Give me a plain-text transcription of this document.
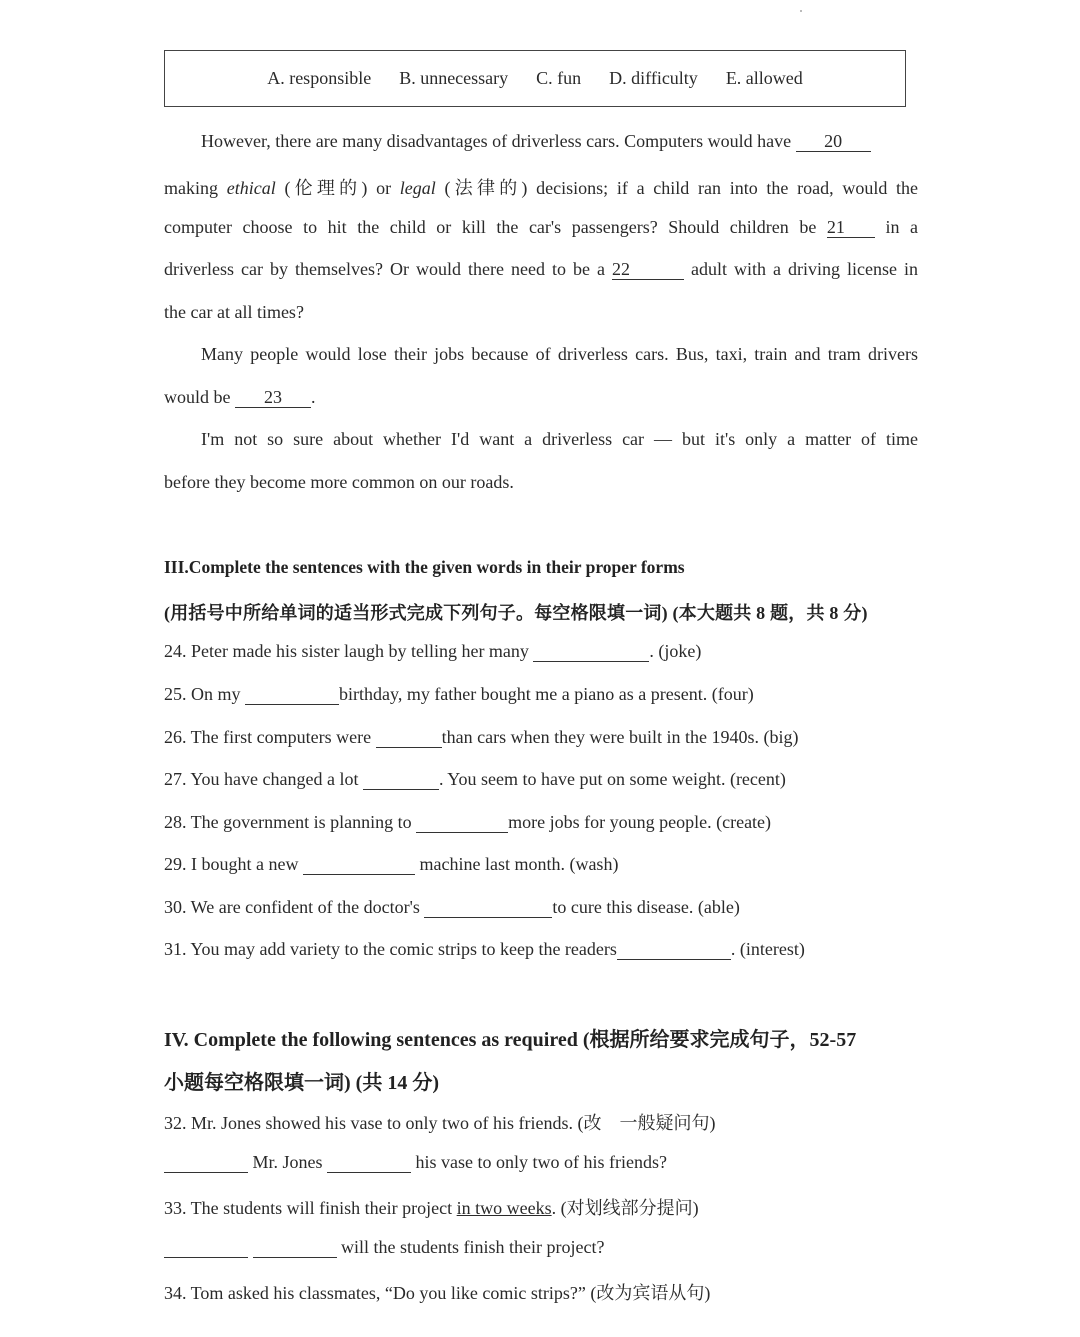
A. responsible B. unnecessary C. fun D. difficulty E. allowed
However, there are many disadvantages of driverless cars. Computers would have 20
making ethical (伦理的) or legal (法律的) decisions; if a child ran into the road, would the
computer choose to hit the child or kill the car's passengers? Should children be 21 in a
driverless car by themselves? Or would there need to be a 22	adult with a driving license in
the car at all times?
Many people would lose their jobs because of driverless cars. Bus, taxi, train and tram drivers
would be 23 .
I'm not so sure about whether I'd want a driverless car — but it's only a matter of time
before they become more common on our roads.
III.Complete the sentences with the given words in their proper forms
(用括号中所给单词的适当形式完成下列句子。每空格限填一词) (本大题共 8 题，共 8 分)
24. Peter made his sister laugh by telling her many	. (joke)
25. On my	birthday, my father bought me a piano as a present. (four)
26. The first computers were	than cars when they were built in the 1940s. (big)
27. You have changed a lot	. You seem to have put on some weight. (recent)
28. The government is planning to	more jobs for young people. (create)
29. I bought a new	machine last month. (wash)
30. We are confident of the doctor's	to cure this disease. (able)
31. You may add variety to the comic strips to keep the readers	. (interest)
IV. Complete the following sentences as required (根据所给要求完成句子，52-57
小题每空格限填一词) (共 14 分)
32. Mr. Jones showed his vase to only two of his friends. (改　一般疑问句)
Mr. Jones	his vase to only two of his friends?
33. The students will finish their project in two weeks. (对划线部分提问)
will the students finish their project?
34. Tom asked his classmates, “Do you like comic strips?” (改为宾语从句)
